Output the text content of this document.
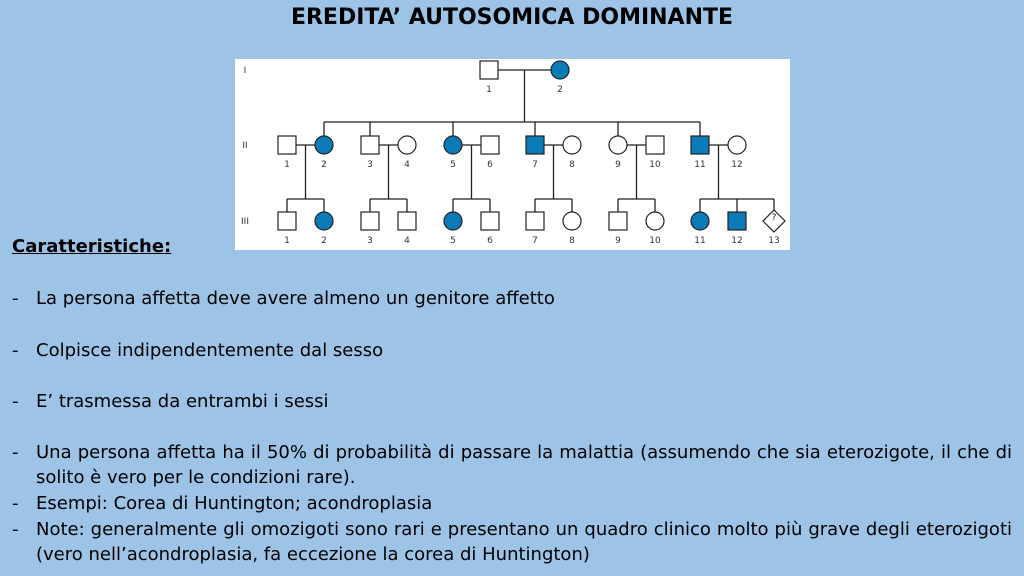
EREDITA’ AUTOSOMICA DOMINANTE
I
1	2
II
1	2	3	4	5	6	7	8	9	10	11	12
III
1	2	3	4	5	6	7	8	9	10	11	12
?
13
Caratteristiche:
- La persona affetta deve avere almeno un genitore affetto
- Colpisce indipendentemente dal sesso
- E’ trasmessa da entrambi i sessi
- Una persona affetta ha il 50% di probabilità di passare la malattia (assumendo che sia eterozigote, il che di solito è vero per le condizioni rare).
- Esempi: Corea di Huntington; acondroplasia
- Note: generalmente gli omozigoti sono rari e presentano un quadro clinico molto più grave degli eterozigoti (vero nell’acondroplasia, fa eccezione la corea di Huntington)
